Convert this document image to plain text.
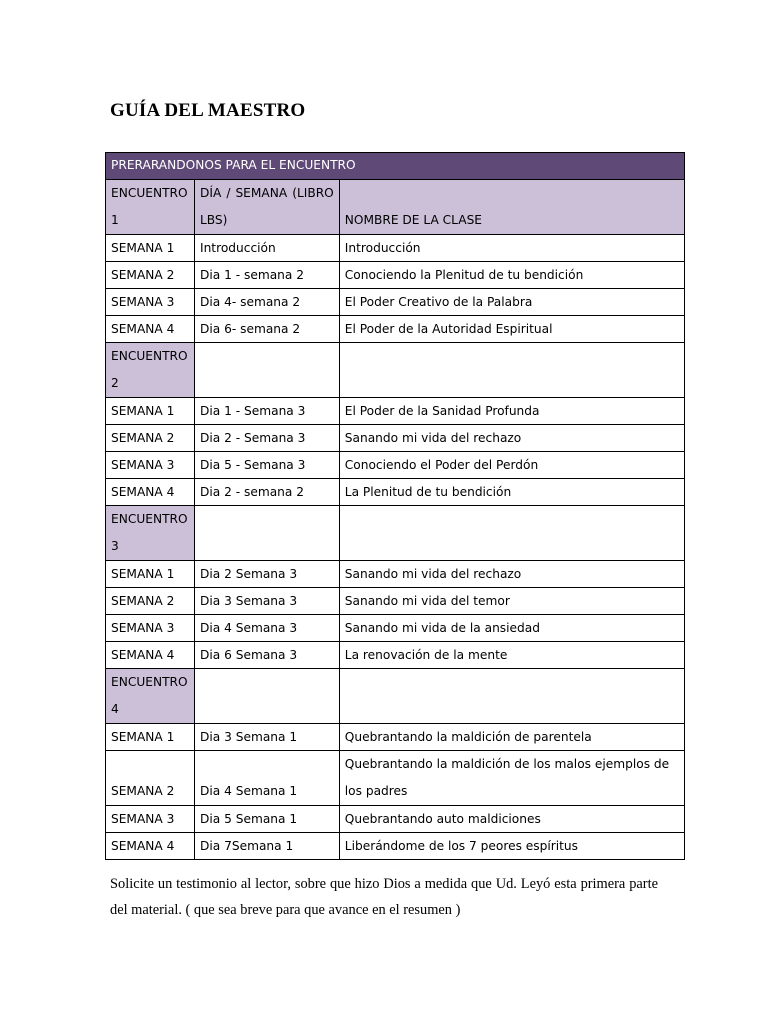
GUÍA DEL MAESTRO
PRERARANDONOS PARA EL ENCUENTRO		
ENCUENTRO 1	DÍA / SEMANA (LIBRO LBS)	NOMBRE DE LA CLASE
SEMANA 1	Introducción	Introducción
SEMANA 2	Dia 1 - semana 2	Conociendo la Plenitud de tu bendición
SEMANA 3	Dia 4- semana 2	El Poder Creativo de la Palabra
SEMANA 4	Dia 6- semana 2	El Poder de la Autoridad Espiritual
ENCUENTRO 2		
SEMANA 1	Dia 1 - Semana 3	El Poder de la Sanidad Profunda
SEMANA 2	Dia 2 - Semana 3	Sanando mi vida del rechazo
SEMANA 3	Dia 5 - Semana 3	Conociendo el Poder del Perdón
SEMANA 4	Dia 2 - semana 2	La Plenitud de tu bendición
ENCUENTRO 3		
SEMANA 1	Dia 2 Semana 3	Sanando mi vida del rechazo
SEMANA 2	Dia 3 Semana 3	Sanando mi vida del temor
SEMANA 3	Dia 4 Semana 3	Sanando mi vida de la ansiedad
SEMANA 4	Dia 6 Semana 3	La renovación de la mente
ENCUENTRO 4		
SEMANA 1	Dia 3 Semana 1	Quebrantando la maldición de parentela
SEMANA 2	Dia 4 Semana 1	Quebrantando la maldición de los malos ejemplos de los padres
SEMANA 3	Dia 5 Semana 1	Quebrantando auto maldiciones
SEMANA 4	Dia 7Semana 1	Liberándome de los 7 peores espíritus
Solicite un testimonio al lector, sobre que hizo Dios a medida que Ud. Leyó esta primera parte del material. ( que sea breve para que avance en el resumen )
